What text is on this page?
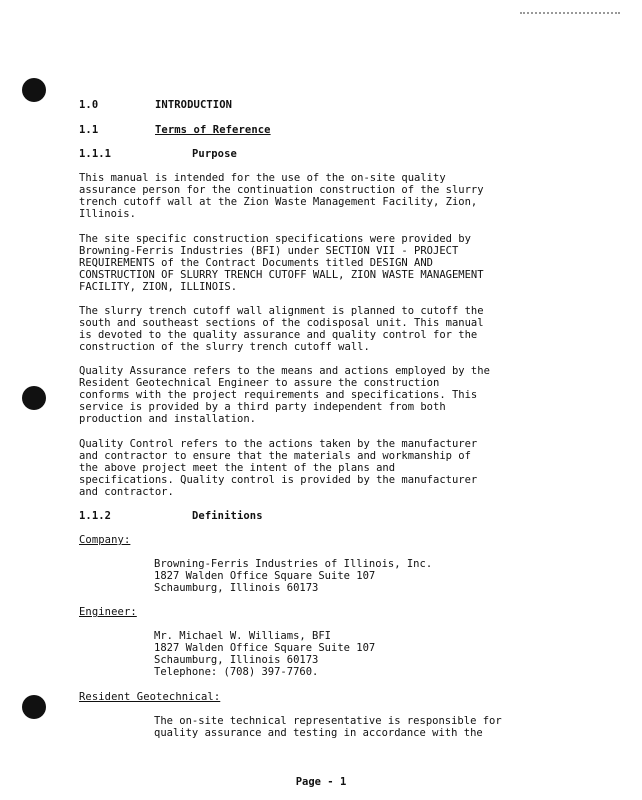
1.0	INTRODUCTION
1.1	Terms of Reference
1.1.1	Purpose
This manual is intended for the use of the on-site quality
assurance person for the continuation construction of the slurry
trench cutoff wall at the Zion Waste Management Facility, Zion,
Illinois.
The site specific construction specifications were provided by
Browning-Ferris Industries (BFI) under SECTION VII - PROJECT
REQUIREMENTS of the Contract Documents titled DESIGN AND
CONSTRUCTION OF SLURRY TRENCH CUTOFF WALL, ZION WASTE MANAGEMENT
FACILITY, ZION, ILLINOIS.
The slurry trench cutoff wall alignment is planned to cutoff the
south and southeast sections of the codisposal unit. This manual
is devoted to the quality assurance and quality control for the
construction of the slurry trench cutoff wall.
Quality Assurance refers to the means and actions employed by the
Resident Geotechnical Engineer to assure the construction
conforms with the project requirements and specifications. This
service is provided by a third party independent from both
production and installation.
Quality Control refers to the actions taken by the manufacturer
and contractor to ensure that the materials and workmanship of
the above project meet the intent of the plans and
specifications. Quality control is provided by the manufacturer
and contractor.
1.1.2	Definitions
Company:
Browning-Ferris Industries of Illinois, Inc.
1827 Walden Office Square Suite 107
Schaumburg, Illinois 60173
Engineer:
Mr. Michael W. Williams, BFI
1827 Walden Office Square Suite 107
Schaumburg, Illinois 60173
Telephone: (708) 397-7760.
Resident Geotechnical:
The on-site technical representative is responsible for
quality assurance and testing in accordance with the
Page - 1
